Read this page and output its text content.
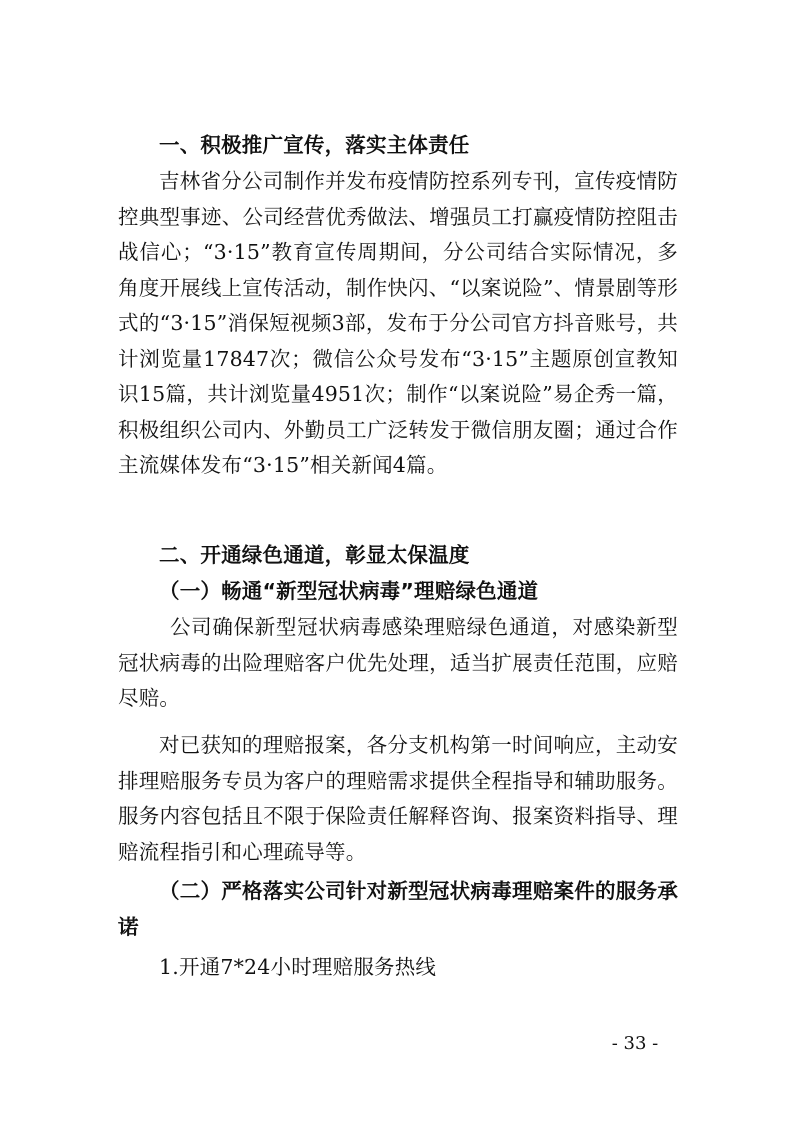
一、积极推广宣传，落实主体责任

吉林省分公司制作并发布疫情防控系列专刊，宣传疫情防控典型事迹、公司经营优秀做法、增强员工打赢疫情防控阻击战信心；“3·15”教育宣传周期间，分公司结合实际情况，多角度开展线上宣传活动，制作快闪、“以案说险”、情景剧等形式的“3·15”消保短视频3部，发布于分公司官方抖音账号，共计浏览量17847次；微信公众号发布“3·15”主题原创宣教知识15篇，共计浏览量4951次；制作“以案说险”易企秀一篇，积极组织公司内、外勤员工广泛转发于微信朋友圈；通过合作主流媒体发布“3·15”相关新闻4篇。

二、开通绿色通道，彰显太保温度

（一）畅通“新型冠状病毒”理赔绿色通道

公司确保新型冠状病毒感染理赔绿色通道，对感染新型冠状病毒的出险理赔客户优先处理，适当扩展责任范围，应赔尽赔。

对已获知的理赔报案，各分支机构第一时间响应，主动安排理赔服务专员为客户的理赔需求提供全程指导和辅助服务。服务内容包括且不限于保险责任解释咨询、报案资料指导、理赔流程指引和心理疏导等。

（二）严格落实公司针对新型冠状病毒理赔案件的服务承诺

1.开通7*24小时理赔服务热线

- 33 -
